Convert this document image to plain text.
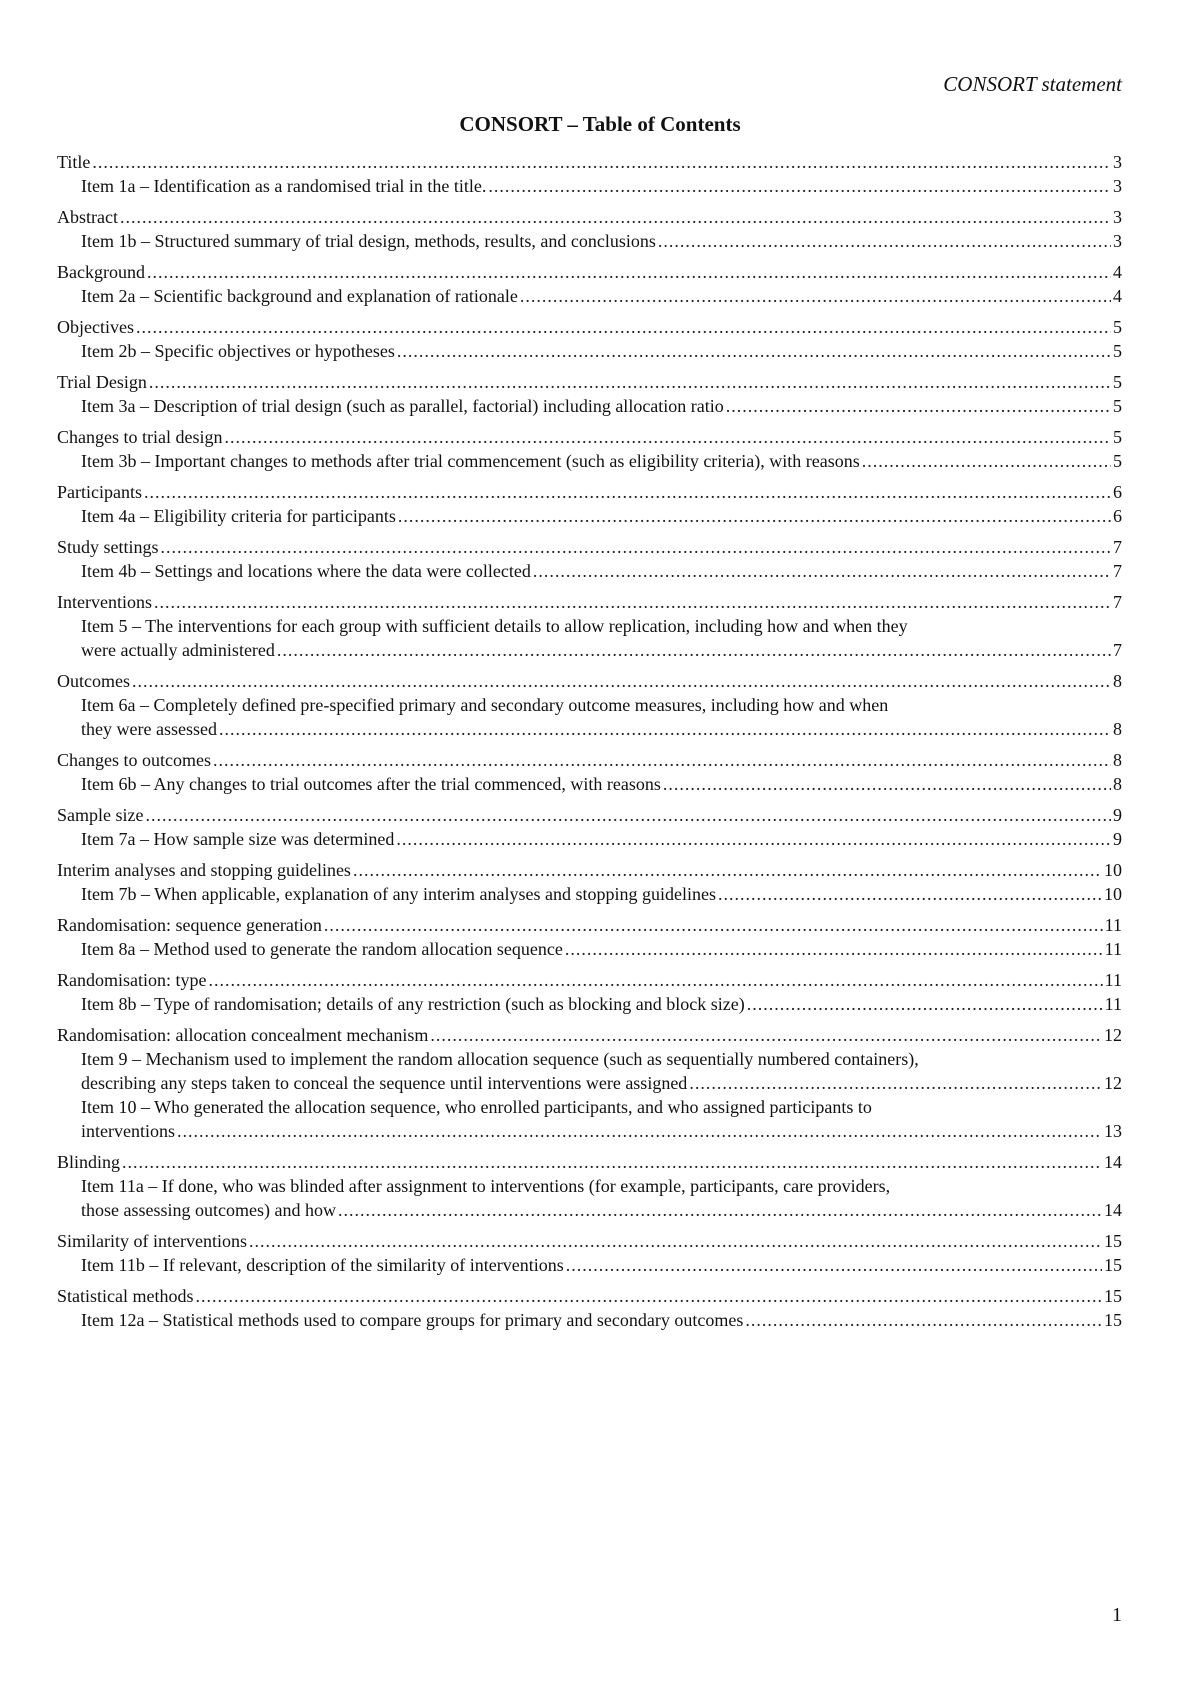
CONSORT statement
CONSORT – Table of Contents
Title .....	3
Item 1a – Identification as a randomised trial in the title. .....	3
Abstract .....	3
Item 1b – Structured summary of trial design, methods, results, and conclusions .....	3
Background .....	4
Item 2a – Scientific background and explanation of rationale .....	4
Objectives .....	5
Item 2b – Specific objectives or hypotheses .....	5
Trial Design .....	5
Item 3a – Description of trial design (such as parallel, factorial) including allocation ratio .....	5
Changes to trial design .....	5
Item 3b – Important changes to methods after trial commencement (such as eligibility criteria), with reasons .....	5
Participants .....	6
Item 4a – Eligibility criteria for participants .....	6
Study settings .....	7
Item 4b – Settings and locations where the data were collected .....	7
Interventions .....	7
Item 5 – The interventions for each group with sufficient details to allow replication, including how and when they
were actually administered .....	7
Outcomes .....	8
Item 6a – Completely defined pre-specified primary and secondary outcome measures, including how and when
they were assessed .....	8
Changes to outcomes .....	8
Item 6b – Any changes to trial outcomes after the trial commenced, with reasons .....	8
Sample size .....	9
Item 7a – How sample size was determined .....	9
Interim analyses and stopping guidelines .....	10
Item 7b – When applicable, explanation of any interim analyses and stopping guidelines .....	10
Randomisation: sequence generation .....	11
Item 8a – Method used to generate the random allocation sequence .....	11
Randomisation: type .....	11
Item 8b – Type of randomisation; details of any restriction (such as blocking and block size) .....	11
Randomisation: allocation concealment mechanism .....	12
Item 9 – Mechanism used to implement the random allocation sequence (such as sequentially numbered containers),
describing any steps taken to conceal the sequence until interventions were assigned .....	12
Item 10 – Who generated the allocation sequence, who enrolled participants, and who assigned participants to
interventions .....	13
Blinding .....	14
Item 11a – If done, who was blinded after assignment to interventions (for example, participants, care providers,
those assessing outcomes) and how .....	14
Similarity of interventions .....	15
Item 11b – If relevant, description of the similarity of interventions .....	15
Statistical methods .....	15
Item 12a – Statistical methods used to compare groups for primary and secondary outcomes .....	15
1
